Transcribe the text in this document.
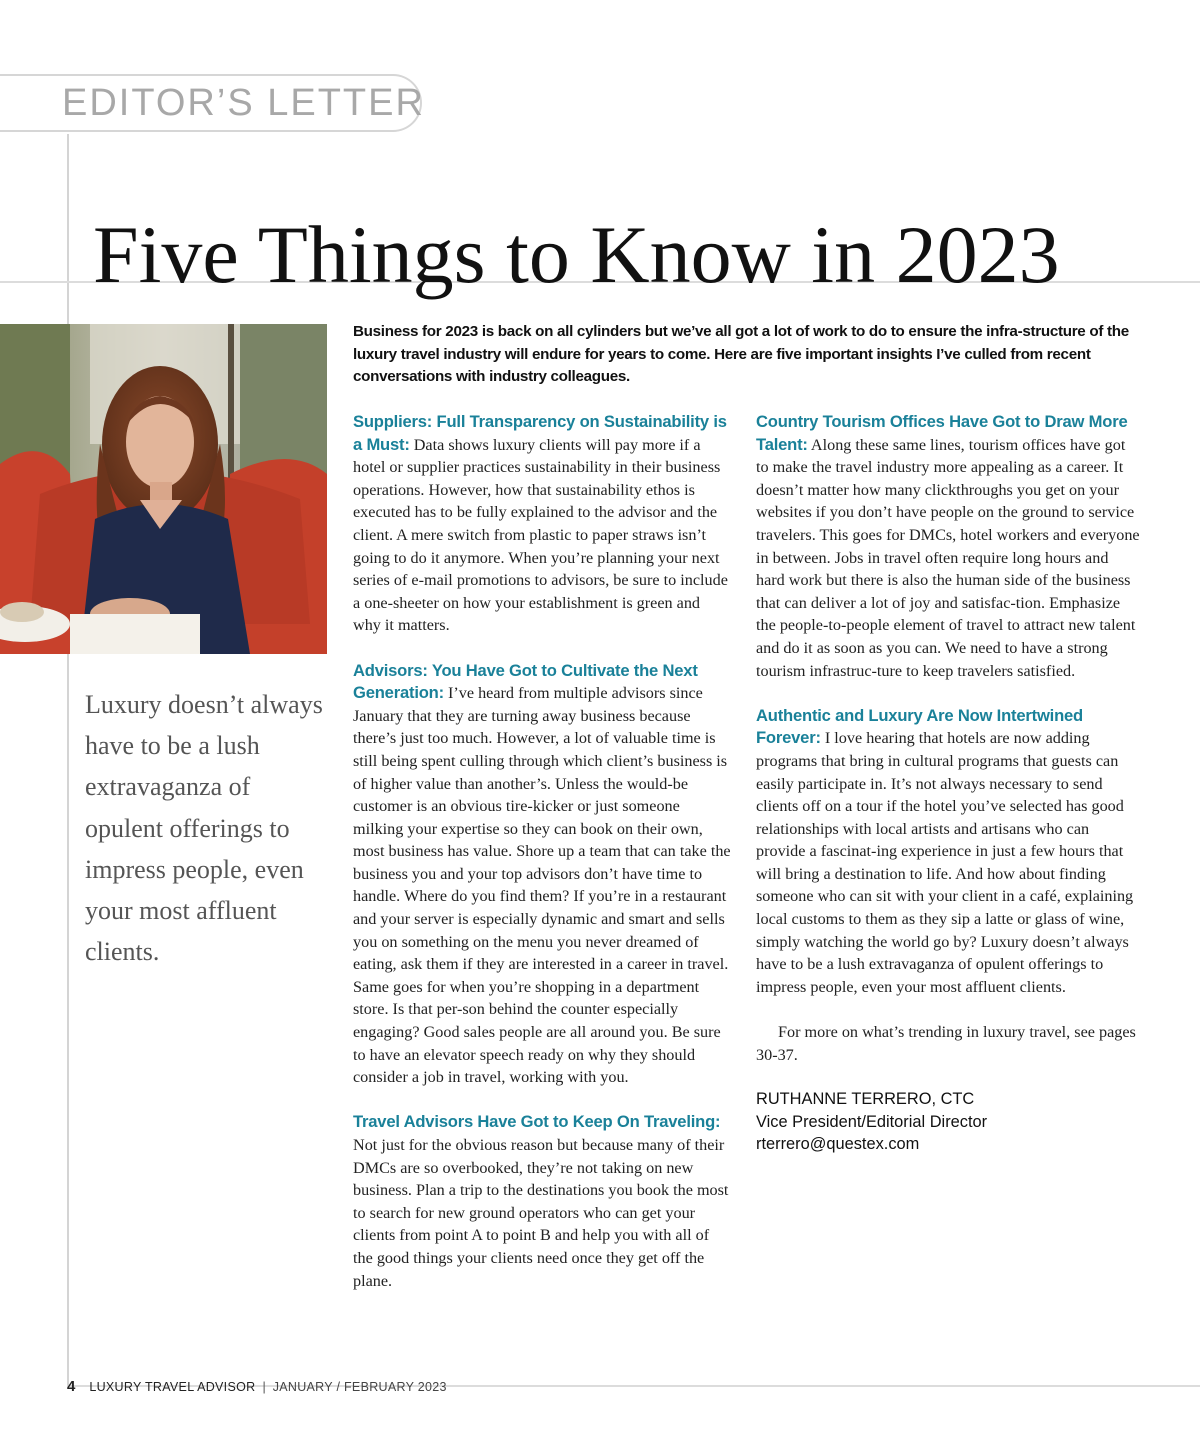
EDITOR’S LETTER
Five Things to Know in 2023

Luxury doesn’t always have to be a lush extravaganza of opulent offerings to impress people, even your most affluent clients.

Business for 2023 is back on all cylinders but we’ve all got a lot of work to do to ensure the infra-structure of the luxury travel industry will endure for years to come. Here are five important insights I’ve culled from recent conversations with industry colleagues.

Suppliers: Full Transparency on Sustainability is a Must: Data shows luxury clients will pay more if a hotel or supplier practices sustainability in their business operations. However, how that sustainability ethos is executed has to be fully explained to the advisor and the client. A mere switch from plastic to paper straws isn’t going to do it anymore. When you’re planning your next series of e-mail promotions to advisors, be sure to include a one-sheeter on how your establishment is green and why it matters.

Advisors: You Have Got to Cultivate the Next Generation: I’ve heard from multiple advisors since January that they are turning away business because there’s just too much. However, a lot of valuable time is still being spent culling through which client’s business is of higher value than another’s. Unless the would-be customer is an obvious tire-kicker or just someone milking your expertise so they can book on their own, most business has value. Shore up a team that can take the business you and your top advisors don’t have time to handle. Where do you find them? If you’re in a restaurant and your server is especially dynamic and smart and sells you on something on the menu you never dreamed of eating, ask them if they are interested in a career in travel. Same goes for when you’re shopping in a department store. Is that per-son behind the counter especially engaging? Good sales people are all around you. Be sure to have an elevator speech ready on why they should consider a job in travel, working with you.

Travel Advisors Have Got to Keep On Traveling: Not just for the obvious reason but because many of their DMCs are so overbooked, they’re not taking on new business. Plan a trip to the destinations you book the most to search for new ground operators who can get your clients from point A to point B and help you with all of the good things your clients need once they get off the plane.

Country Tourism Offices Have Got to Draw More Talent: Along these same lines, tourism offices have got to make the travel industry more appealing as a career. It doesn’t matter how many clickthroughs you get on your websites if you don’t have people on the ground to service travelers. This goes for DMCs, hotel workers and everyone in between. Jobs in travel often require long hours and hard work but there is also the human side of the business that can deliver a lot of joy and satisfac-tion. Emphasize the people-to-people element of travel to attract new talent and do it as soon as you can. We need to have a strong tourism infrastruc-ture to keep travelers satisfied.

Authentic and Luxury Are Now Intertwined Forever: I love hearing that hotels are now adding programs that bring in cultural programs that guests can easily participate in. It’s not always necessary to send clients off on a tour if the hotel you’ve selected has good relationships with local artists and artisans who can provide a fascinat-ing experience in just a few hours that will bring a destination to life. And how about finding someone who can sit with your client in a café, explaining local customs to them as they sip a latte or glass of wine, simply watching the world go by? Luxury doesn’t always have to be a lush extravaganza of opulent offerings to impress people, even your most affluent clients.

For more on what’s trending in luxury travel, see pages 30-37.

RUTHANNE TERRERO, CTC
Vice President/Editorial Director
rterrero@questex.com
4 LUXURY TRAVEL ADVISOR | JANUARY / FEBRUARY 2023
